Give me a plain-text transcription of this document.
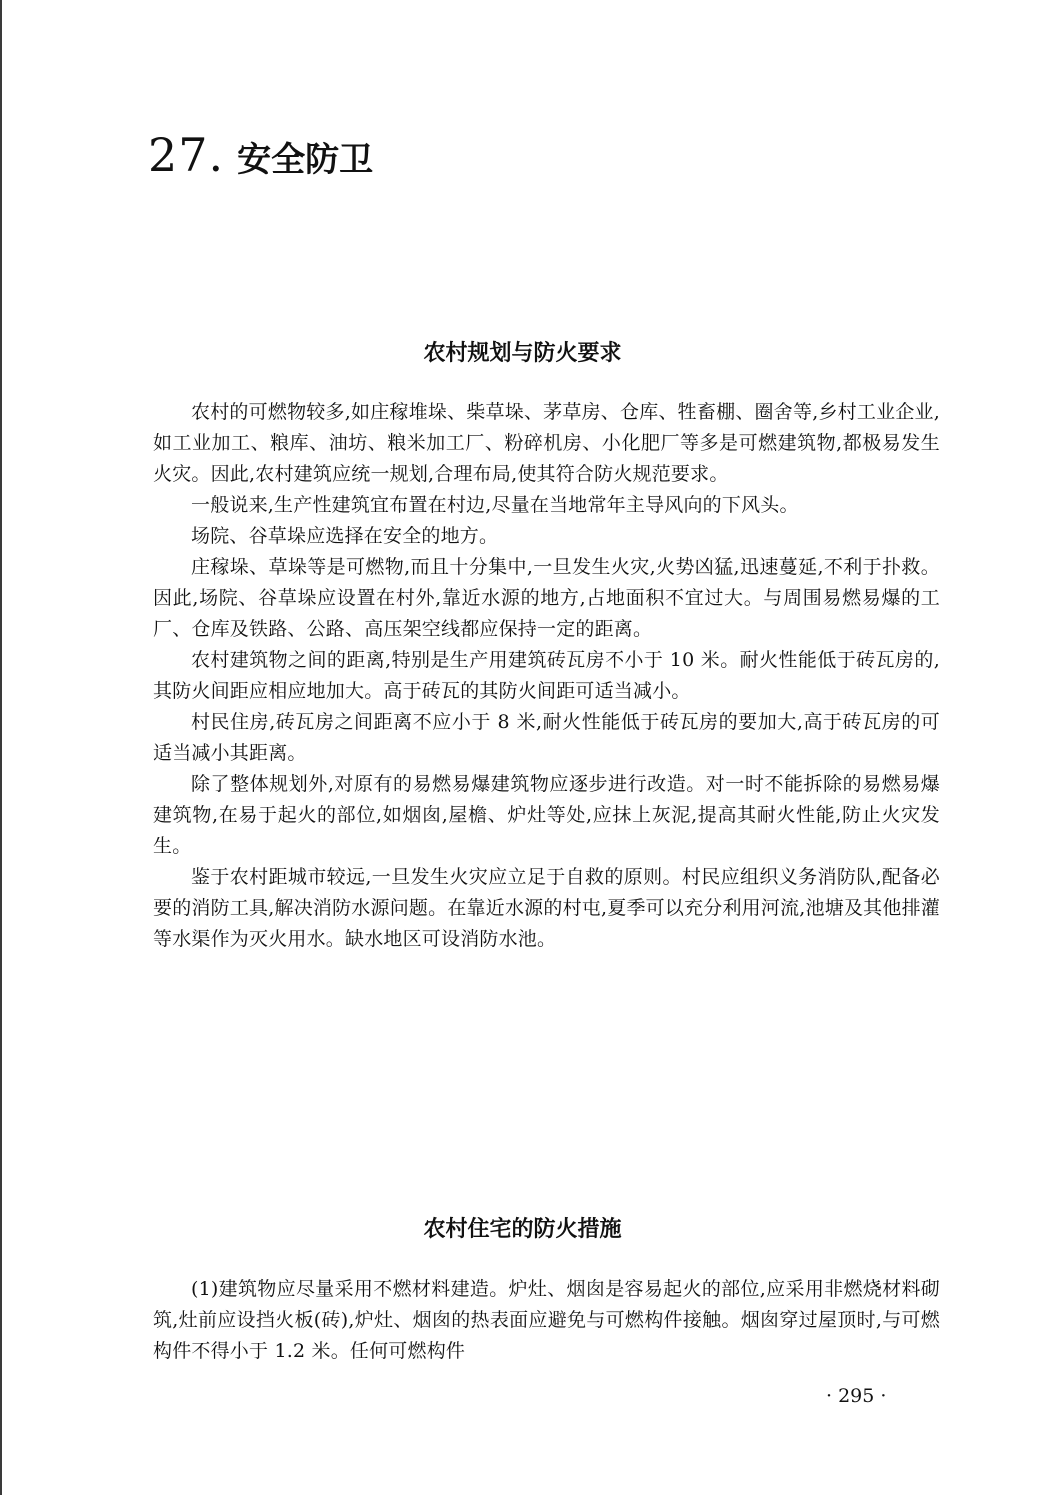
27 . 安全防卫
农村规划与防火要求

农村的可燃物较多,如庄稼堆垛、柴草垛、茅草房、仓库、牲畜棚、圈舍等,乡村工业企业,如工业加工、粮库、油坊、粮米加工厂、粉碎机房、小化肥厂等多是可燃建筑物,都极易发生火灾。因此,农村建筑应统一规划,合理布局,使其符合防火规范要求。

一般说来,生产性建筑宜布置在村边,尽量在当地常年主导风向的下风头。

场院、谷草垛应选择在安全的地方。

庄稼垛、草垛等是可燃物,而且十分集中,一旦发生火灾,火势凶猛,迅速蔓延,不利于扑救。因此,场院、谷草垛应设置在村外,靠近水源的地方,占地面积不宜过大。与周围易燃易爆的工厂、仓库及铁路、公路、高压架空线都应保持一定的距离。

农村建筑物之间的距离,特别是生产用建筑砖瓦房不小于 10 米。耐火性能低于砖瓦房的,其防火间距应相应地加大。高于砖瓦的其防火间距可适当减小。

村民住房,砖瓦房之间距离不应小于 8 米,耐火性能低于砖瓦房的要加大,高于砖瓦房的可适当减小其距离。

除了整体规划外,对原有的易燃易爆建筑物应逐步进行改造。对一时不能拆除的易燃易爆建筑物,在易于起火的部位,如烟囱,屋檐、炉灶等处,应抹上灰泥,提高其耐火性能,防止火灾发生。

鉴于农村距城市较远,一旦发生火灾应立足于自救的原则。村民应组织义务消防队,配备必要的消防工具,解决消防水源问题。在靠近水源的村屯,夏季可以充分利用河流,池塘及其他排灌等水渠作为灭火用水。缺水地区可设消防水池。

农村住宅的防火措施

(1)建筑物应尽量采用不燃材料建造。炉灶、烟囱是容易起火的部位,应采用非燃烧材料砌筑,灶前应设挡火板(砖),炉灶、烟囱的热表面应避免与可燃构件接触。烟囱穿过屋顶时,与可燃构件不得小于 1.2 米。任何可燃构件

· 295 ·
